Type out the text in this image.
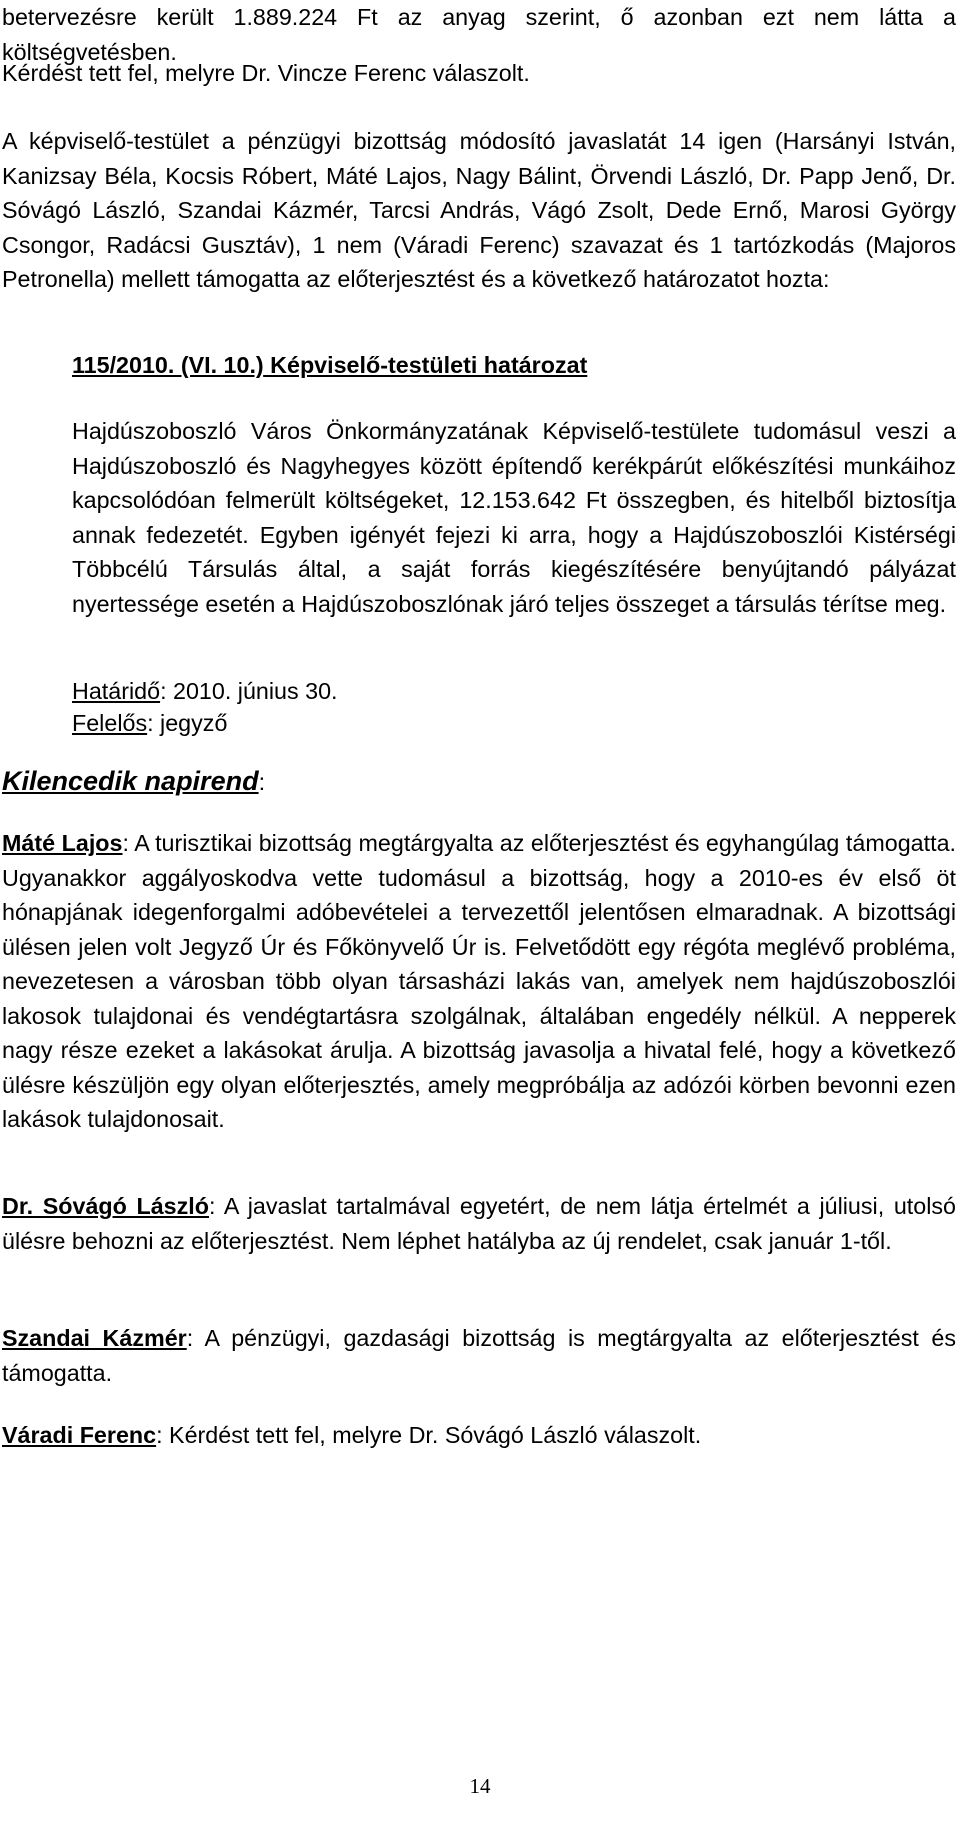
betervezésre került 1.889.224 Ft az anyag szerint, ő azonban ezt nem látta a költségvetésben.

Kérdést tett fel, melyre Dr. Vincze Ferenc válaszolt.

A képviselő-testület a pénzügyi bizottság módosító javaslatát 14 igen (Harsányi István, Kanizsay Béla, Kocsis Róbert, Máté Lajos, Nagy Bálint, Örvendi László, Dr. Papp Jenő, Dr. Sóvágó László, Szandai Kázmér, Tarcsi András, Vágó Zsolt, Dede Ernő, Marosi György Csongor, Radácsi Gusztáv), 1 nem (Váradi Ferenc) szavazat és 1 tartózkodás (Majoros Petronella) mellett támogatta az előterjesztést és a következő határozatot hozta:

115/2010. (VI. 10.) Képviselő-testületi határozat

Hajdúszoboszló Város Önkormányzatának Képviselő-testülete tudomásul veszi a Hajdúszoboszló és Nagyhegyes között építendő kerékpárút előkészítési munkáihoz kapcsolódóan felmerült költségeket, 12.153.642 Ft összegben, és hitelből biztosítja annak fedezetét. Egyben igényét fejezi ki arra, hogy a Hajdúszoboszlói Kistérségi Többcélú Társulás által, a saját forrás kiegészítésére benyújtandó pályázat nyertessége esetén a Hajdúszoboszlónak járó teljes összeget a társulás térítse meg.

Határidő: 2010. június 30.

Felelős: jegyző

Kilencedik napirend:

Máté Lajos: A turisztikai bizottság megtárgyalta az előterjesztést és egyhangúlag támogatta. Ugyanakkor aggályoskodva vette tudomásul a bizottság, hogy a 2010-es év első öt hónapjának idegenforgalmi adóbevételei a tervezettől jelentősen elmaradnak. A bizottsági ülésen jelen volt Jegyző Úr és Főkönyvelő Úr is. Felvetődött egy régóta meglévő probléma, nevezetesen a városban több olyan társasházi lakás van, amelyek nem hajdúszoboszlói lakosok tulajdonai és vendégtartásra szolgálnak, általában engedély nélkül. A nepperek nagy része ezeket a lakásokat árulja. A bizottság javasolja a hivatal felé, hogy a következő ülésre készüljön egy olyan előterjesztés, amely megpróbálja az adózói körben bevonni ezen lakások tulajdonosait.

Dr. Sóvágó László: A javaslat tartalmával egyetért, de nem látja értelmét a júliusi, utolsó ülésre behozni az előterjesztést. Nem léphet hatályba az új rendelet, csak január 1-től.

Szandai Kázmér: A pénzügyi, gazdasági bizottság is megtárgyalta az előterjesztést és támogatta.

Váradi Ferenc: Kérdést tett fel, melyre Dr. Sóvágó László válaszolt.

14
